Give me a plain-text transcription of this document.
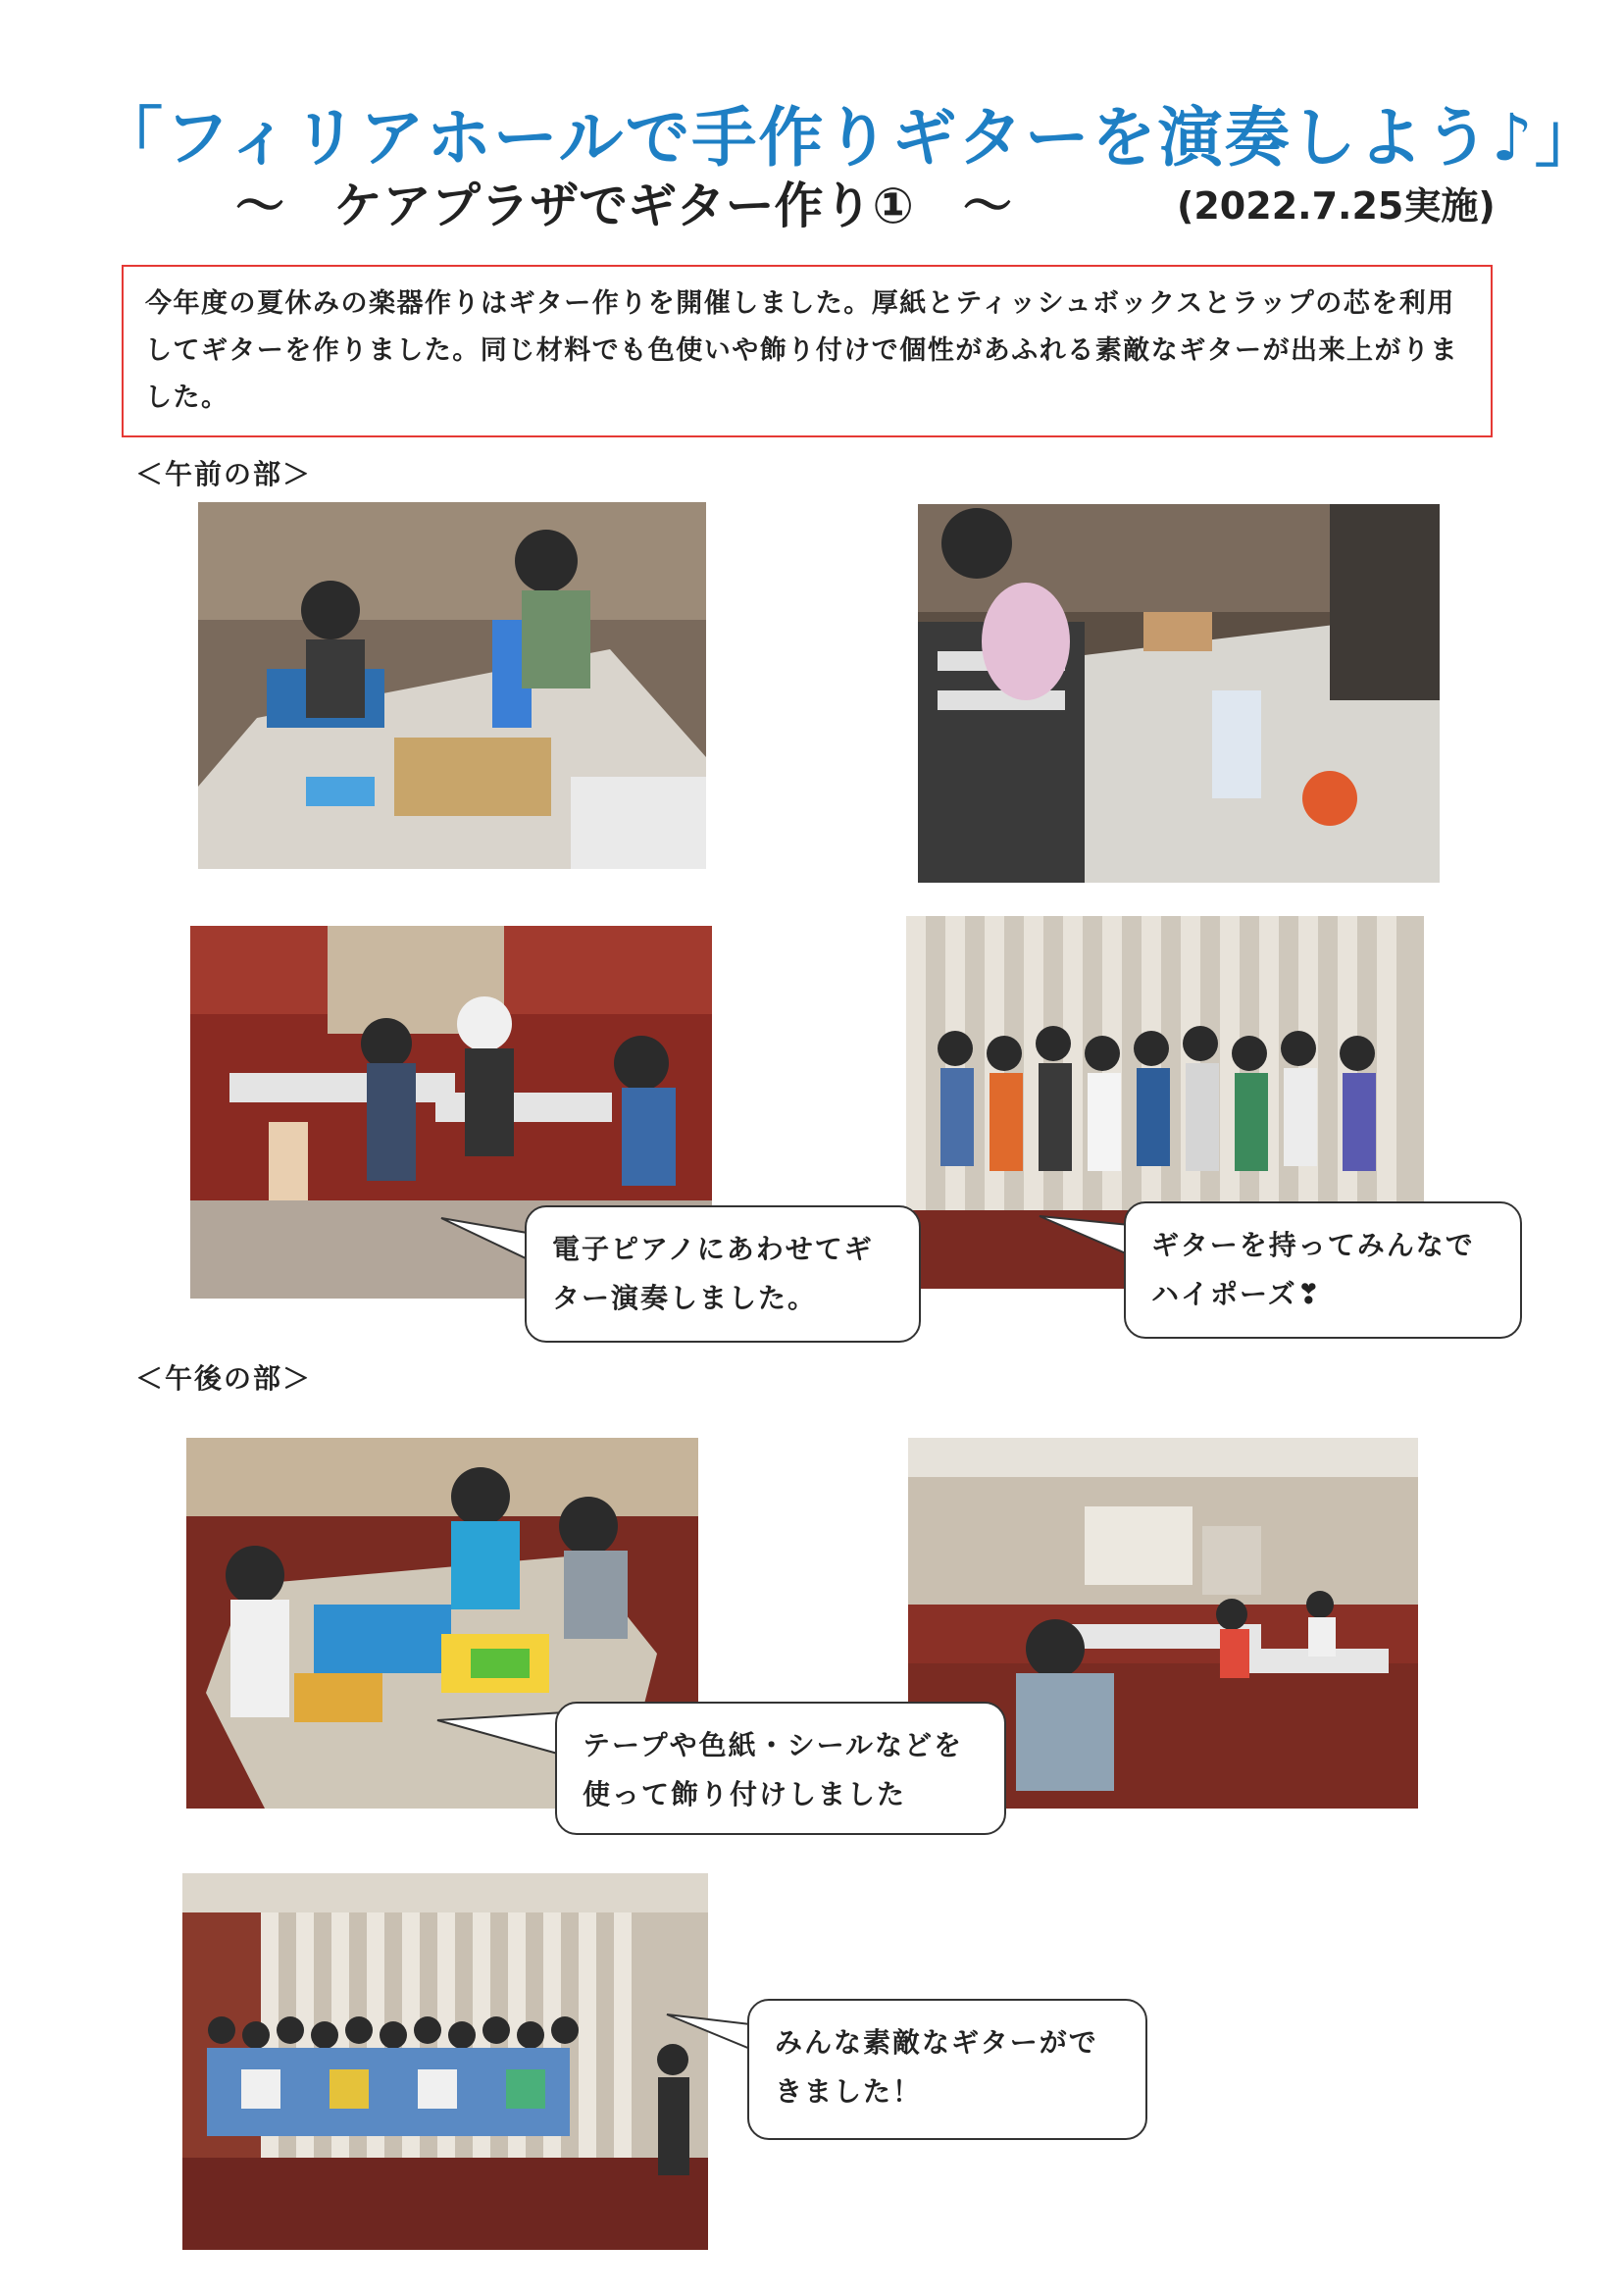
「フィリアホールで手作りギターを演奏しよう♪」
～　ケアプラザでギター作り①　～	(2022.7.25実施)
今年度の夏休みの楽器作りはギター作りを開催しました。厚紙とティッシュボックスとラップの芯を利用してギターを作りました。同じ材料でも色使いや飾り付けで個性があふれる素敵なギターが出来上がりました。
＜午前の部＞
電子ピアノにあわせてギター演奏しました。
ギターを持ってみんなでハイポーズ❣
＜午後の部＞
テープや色紙・シールなどを使って飾り付けしました
みんな素敵なギターができました！
